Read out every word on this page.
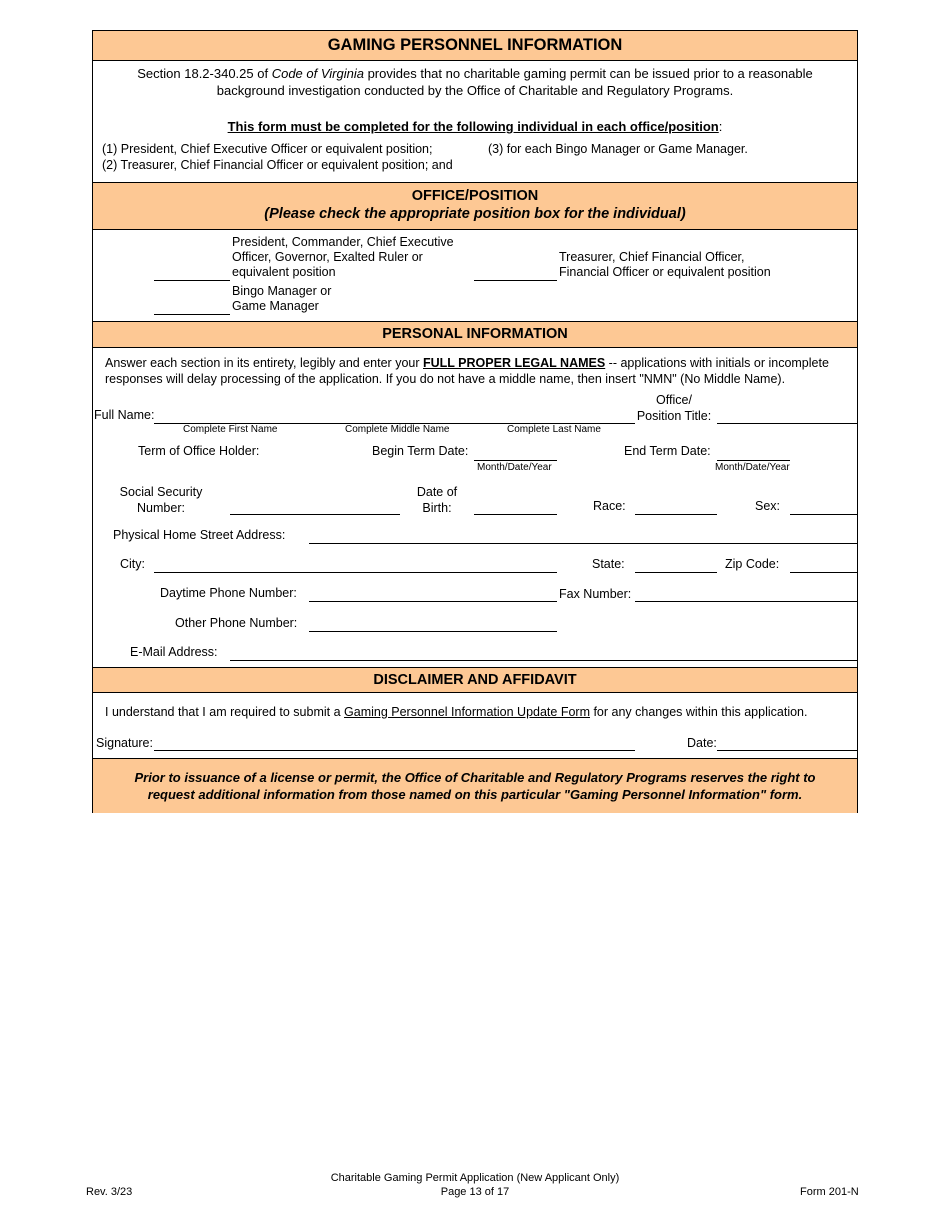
GAMING PERSONNEL INFORMATION
Section 18.2-340.25 of Code of Virginia provides that no charitable gaming permit can be issued prior to a reasonable
background investigation conducted by the Office of Charitable and Regulatory Programs.
This form must be completed for the following individual in each office/position:
(1) President, Chief Executive Officer or equivalent position;
(2) Treasurer, Chief Financial Officer or equivalent position; and
(3) for each Bingo Manager or Game Manager.
OFFICE/POSITION
(Please check the appropriate position box for the individual)
President, Commander, Chief Executive
Officer, Governor, Exalted Ruler or
equivalent position
Treasurer, Chief Financial Officer,
Financial Officer or equivalent position
Bingo Manager or
Game Manager
PERSONAL INFORMATION
Answer each section in its entirety, legibly and enter your FULL PROPER LEGAL NAMES -- applications with initials or incomplete
responses will delay processing of the application. If you do not have a middle name, then insert "NMN" (No Middle Name).
Full Name:
Complete First Name	Complete Middle Name	Complete Last Name
Office/
Position Title:
Term of Office Holder:	Begin Term Date:
Month/Date/Year
End Term Date:
Month/Date/Year
Social Security
Number:
Date of
Birth:	Race:	Sex:
Physical Home Street Address:
City:	State:	Zip Code:
Daytime Phone Number:	Fax Number:
Other Phone Number:
E-Mail Address:
DISCLAIMER AND AFFIDAVIT
I understand that I am required to submit a Gaming Personnel Information Update Form for any changes within this application.
Signature:	Date:
Prior to issuance of a license or permit, the Office of Charitable and Regulatory Programs reserves the right to
request additional information from those named on this particular "Gaming Personnel Information" form.
Rev. 3/23
Charitable Gaming Permit Application (New Applicant Only)
Page 13 of 17	Form 201-N
